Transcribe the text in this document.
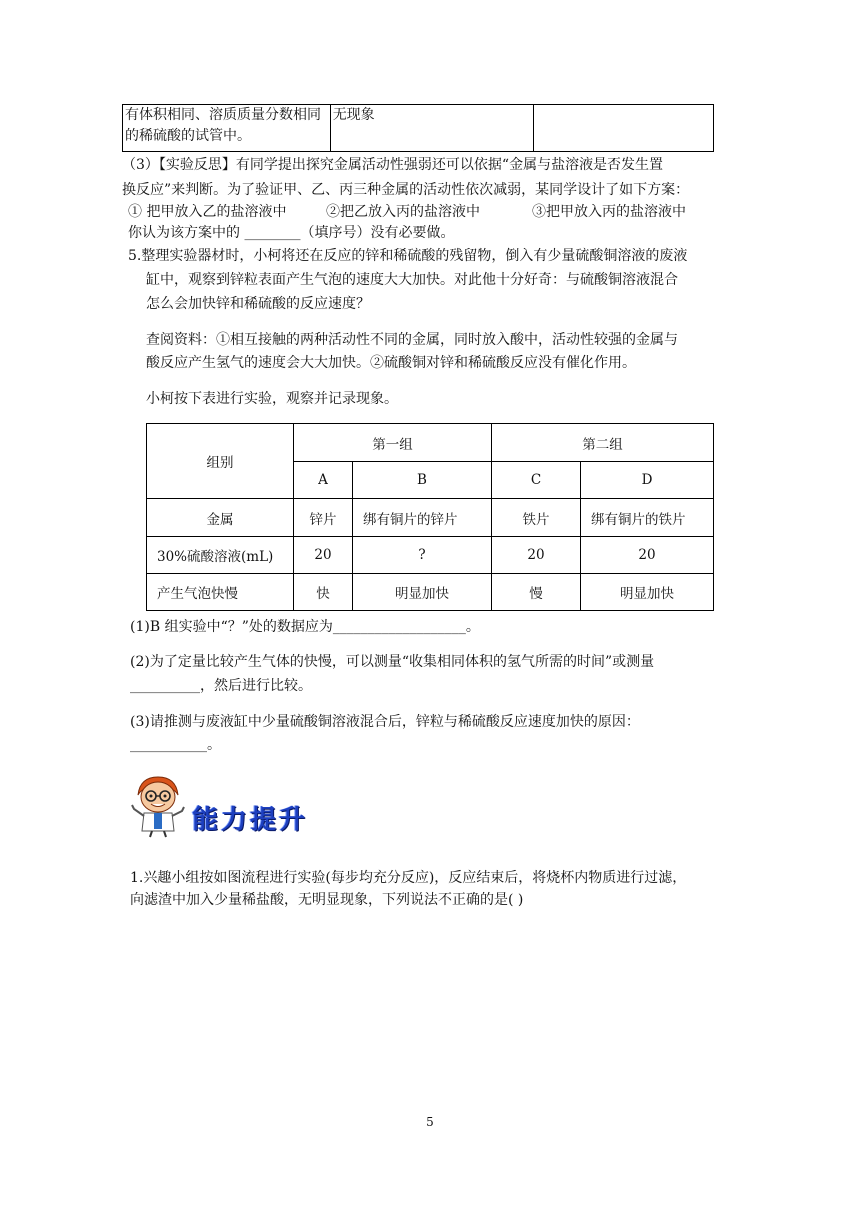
有体积相同、溶质质量分数相同
的稀硫酸的试管中。
	无现象	
（3）【实验反思】有同学提出探究金属活动性强弱还可以依据“金属与盐溶液是否发生置
换反应”来判断。为了验证甲、乙、丙三种金属的活动性依次减弱，某同学设计了如下方案：
① 把甲放入乙的盐溶液中	②把乙放入丙的盐溶液中	③把甲放入丙的盐溶液中
你认为该方案中的 ________（填序号）没有必要做。
5.整理实验器材时，小柯将还在反应的锌和稀硫酸的残留物，倒入有少量硫酸铜溶液的废液
缸中，观察到锌粒表面产生气泡的速度大大加快。对此他十分好奇：与硫酸铜溶液混合
怎么会加快锌和稀硫酸的反应速度？
查阅资料：①相互接触的两种活动性不同的金属，同时放入酸中，活动性较强的金属与
酸反应产生氢气的速度会大大加快。②硫酸铜对锌和稀硫酸反应没有催化作用。
小柯按下表进行实验，观察并记录现象。
组别	第一组		第二组	
	A	B	C	D
金属	锌片	绑有铜片的锌片	铁片	绑有铜片的铁片
30%硫酸溶液(mL)	20	?	20	20
产生气泡快慢	快	明显加快	慢	明显加快
(1)B 组实验中“？”处的数据应为___________________。
(2)为了定量比较产生气体的快慢，可以测量“收集相同体积的氢气所需的时间”或测量
__________，然后进行比较。
(3)请推测与废液缸中少量硫酸铜溶液混合后，锌粒与稀硫酸反应速度加快的原因：
___________。
能力提升
1.兴趣小组按如图流程进行实验(每步均充分反应)，反应结束后，将烧杯内物质进行过滤，
向滤渣中加入少量稀盐酸，无明显现象，下列说法不正确的是( )
5
